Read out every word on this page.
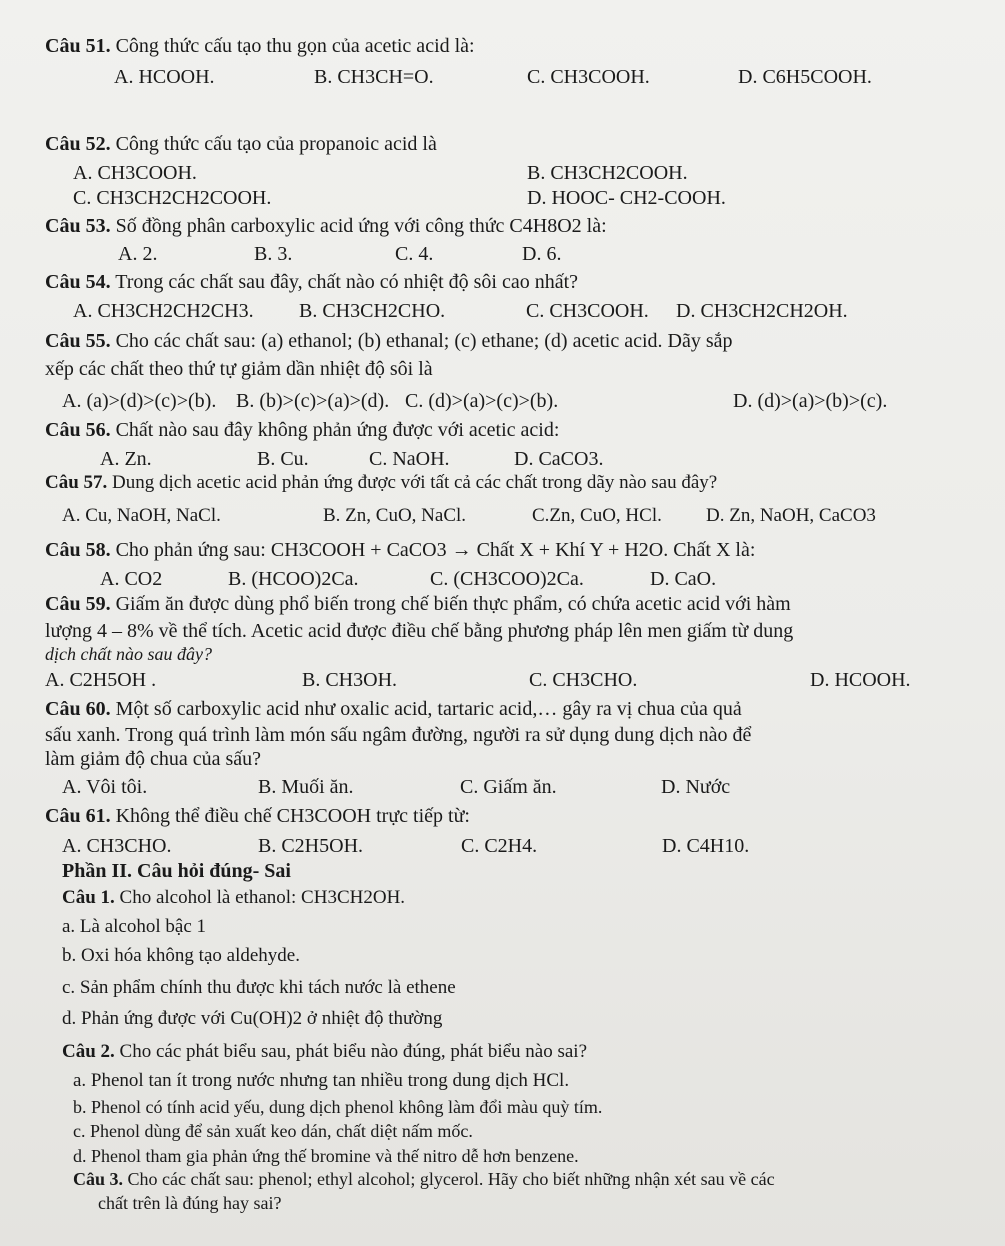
Câu 51. Công thức cấu tạo thu gọn của acetic acid là:
A. HCOOH.	B. CH3CH=O.	C. CH3COOH.	D. C6H5COOH.
Câu 52. Công thức cấu tạo của propanoic acid là
A. CH3COOH.	B. CH3CH2COOH.
C. CH3CH2CH2COOH.	D. HOOC- CH2-COOH.
Câu 53. Số đồng phân carboxylic acid ứng với công thức C4H8O2 là:
A. 2.	B. 3.	C. 4.	D. 6.
Câu 54. Trong các chất sau đây, chất nào có nhiệt độ sôi cao nhất?
A. CH3CH2CH2CH3. B. CH3CH2CHO.	C. CH3COOH. D. CH3CH2CH2OH.
Câu 55. Cho các chất sau: (a) ethanol; (b) ethanal; (c) ethane; (d) acetic acid. Dãy sắp
xếp các chất theo thứ tự giảm dần nhiệt độ sôi là
A. (a)>(d)>(c)>(b). B. (b)>(c)>(a)>(d). C. (d)>(a)>(c)>(b).	D. (d)>(a)>(b)>(c).
Câu 56. Chất nào sau đây không phản ứng được với acetic acid:
A. Zn.	B. Cu.	C. NaOH.	D. CaCO3.
Câu 57. Dung dịch acetic acid phản ứng được với tất cả các chất trong dãy nào sau đây?
A. Cu, NaOH, NaCl.	B. Zn, CuO, NaCl.	C.Zn, CuO, HCl. D. Zn, NaOH, CaCO3
Câu 58. Cho phản ứng sau: CH3COOH + CaCO3 → Chất X + Khí Y + H2O. Chất X là:
A. CO2	B. (HCOO)2Ca.	C. (CH3COO)2Ca.	D. CaO.
Câu 59. Giấm ăn được dùng phổ biến trong chế biến thực phẩm, có chứa acetic acid với hàm
lượng 4 – 8% về thể tích. Acetic acid được điều chế bằng phương pháp lên men giấm từ dung
dịch chất nào sau đây?
A. C2H5OH .	B. CH3OH.	C. CH3CHO.	D. HCOOH.
Câu 60. Một số carboxylic acid như oxalic acid, tartaric acid,… gây ra vị chua của quả
sấu xanh. Trong quá trình làm món sấu ngâm đường, người ra sử dụng dung dịch nào để
làm giảm độ chua của sấu?
A. Vôi tôi.	B. Muối ăn.	C. Giấm ăn.	D. Nước
Câu 61. Không thể điều chế CH3COOH trực tiếp từ:
A. CH3CHO.	B. C2H5OH.	C. C2H4.	D. C4H10.
Phần II. Câu hỏi đúng- Sai
Câu 1. Cho alcohol là ethanol: CH3CH2OH.
a. Là alcohol bậc 1
b. Oxi hóa không tạo aldehyde.
c. Sản phẩm chính thu được khi tách nước là ethene
d. Phản ứng được với Cu(OH)2 ở nhiệt độ thường
Câu 2. Cho các phát biểu sau, phát biểu nào đúng, phát biểu nào sai?
a. Phenol tan ít trong nước nhưng tan nhiều trong dung dịch HCl.
b. Phenol có tính acid yếu, dung dịch phenol không làm đổi màu quỳ tím.
c. Phenol dùng để sản xuất keo dán, chất diệt nấm mốc.
d. Phenol tham gia phản ứng thế bromine và thế nitro dễ hơn benzene.
Câu 3. Cho các chất sau: phenol; ethyl alcohol; glycerol. Hãy cho biết những nhận xét sau về các
chất trên là đúng hay sai?
